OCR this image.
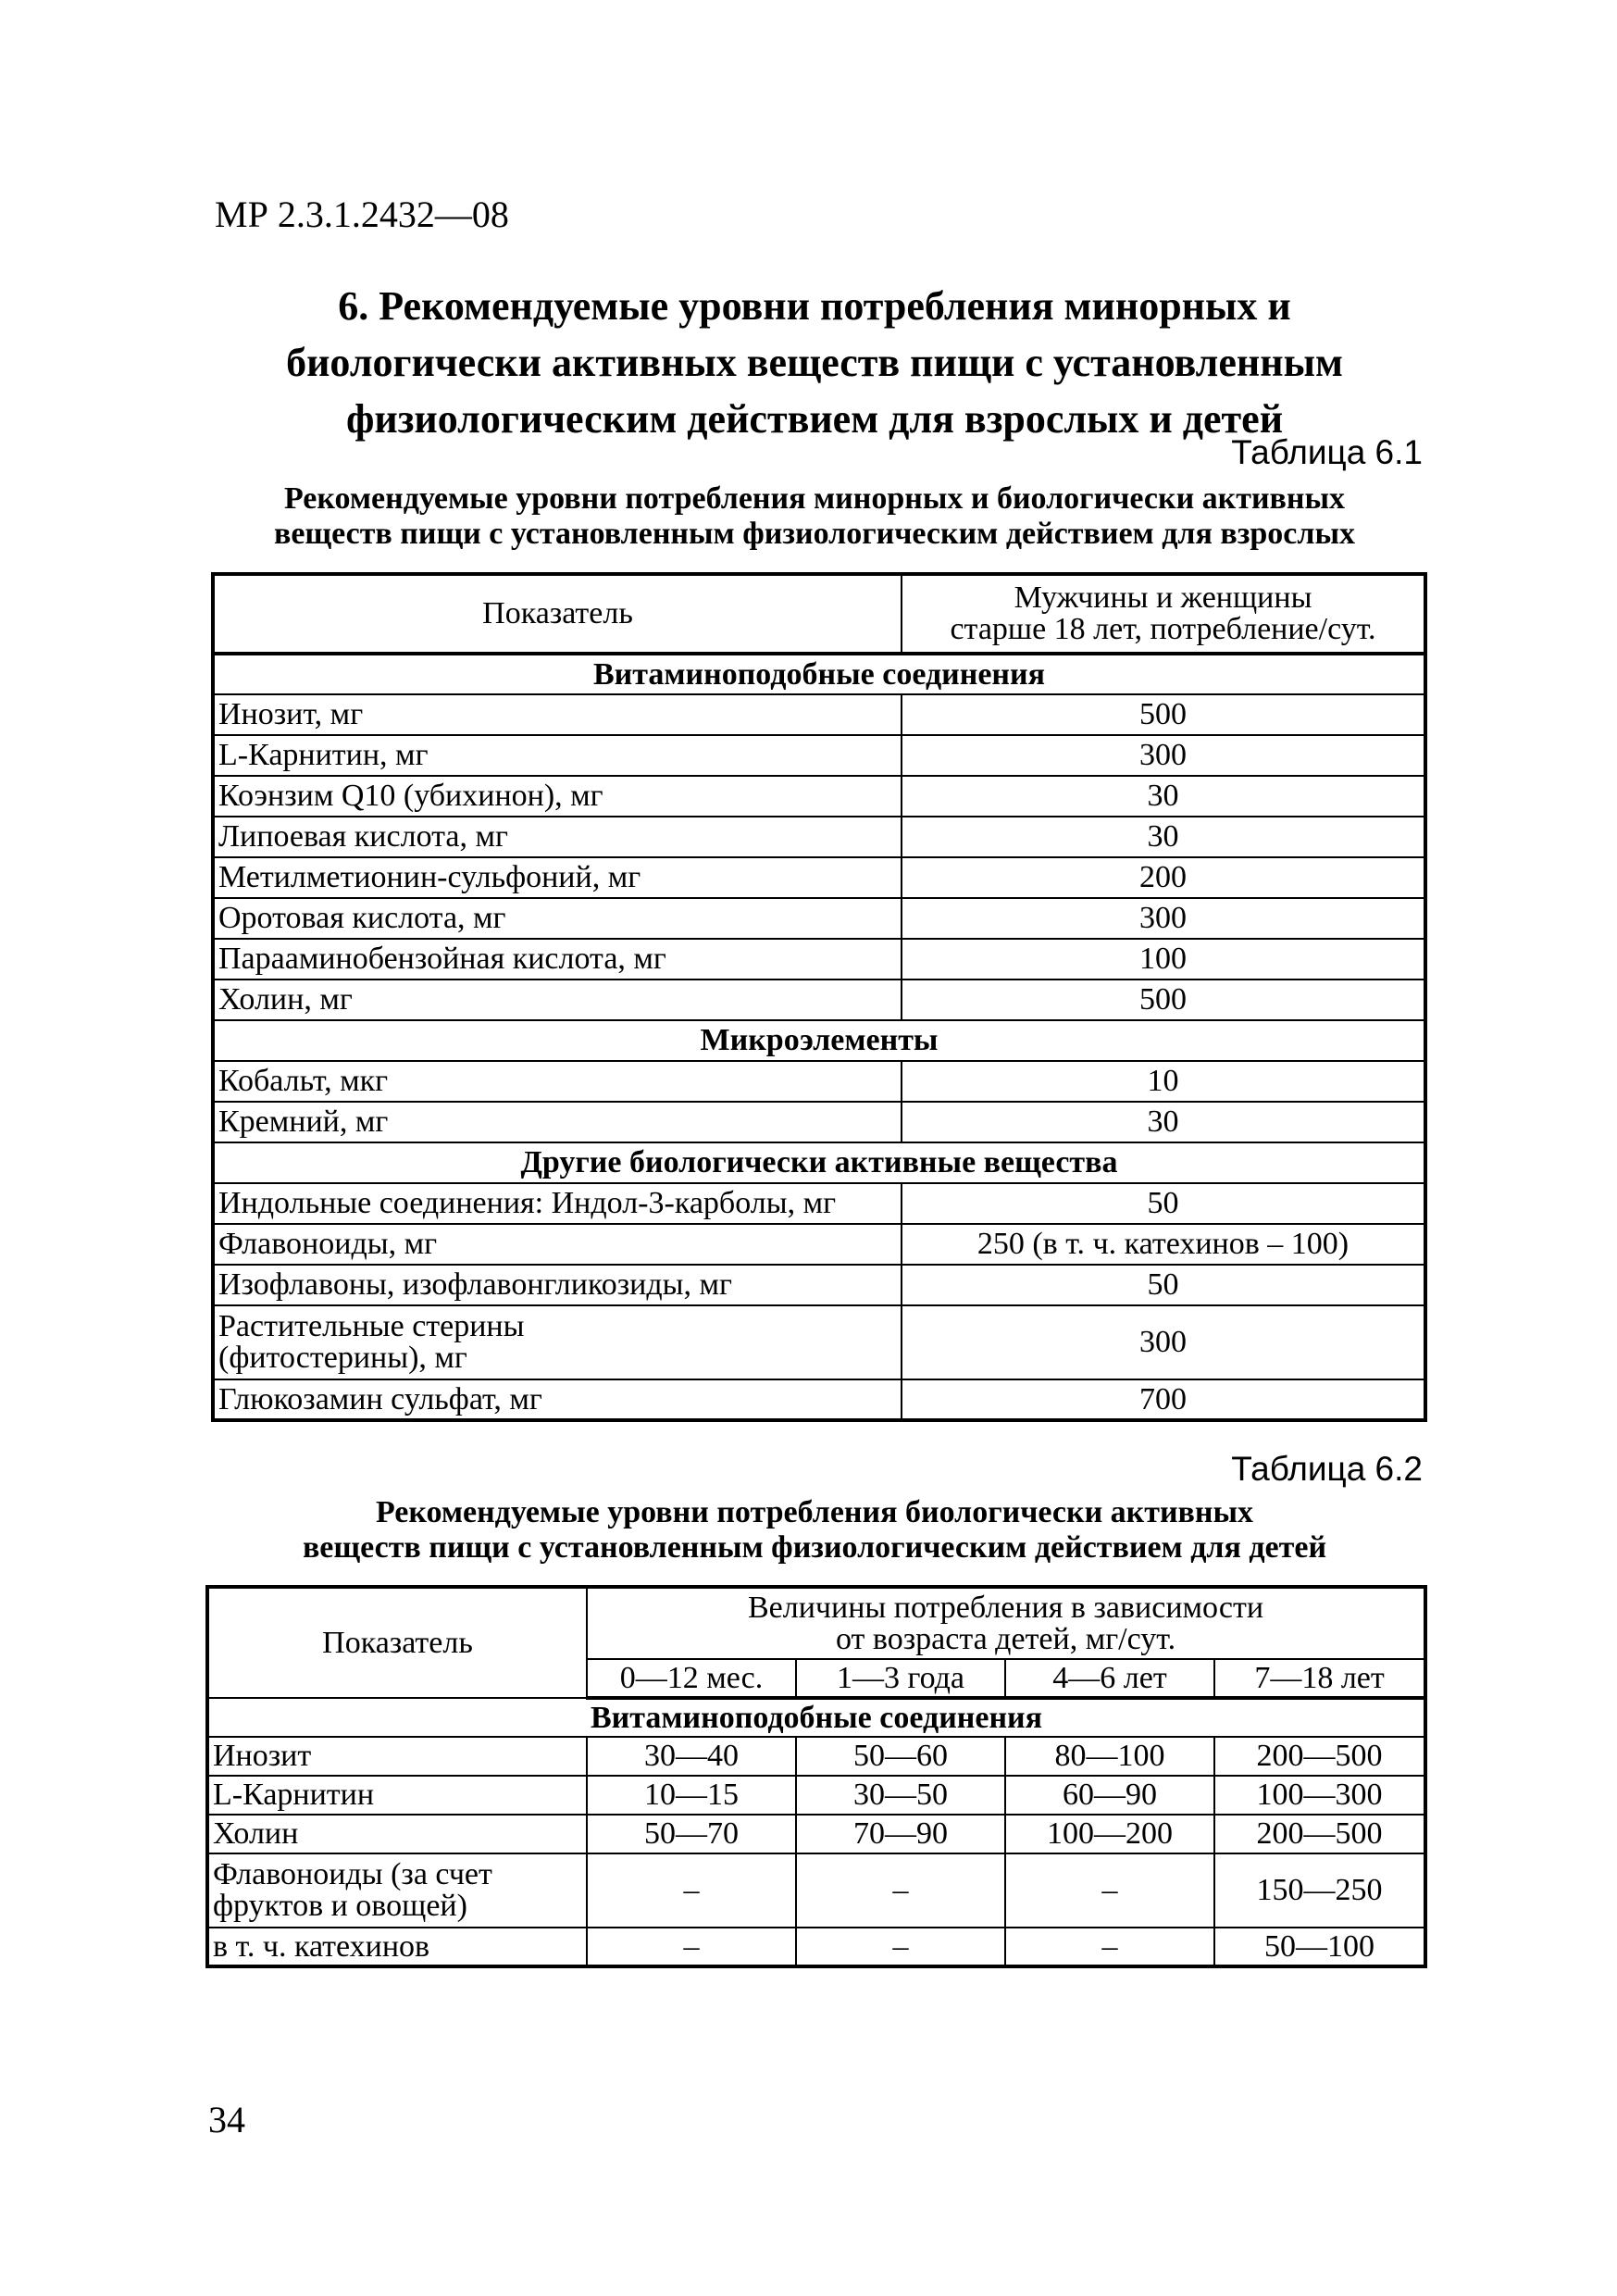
МР 2.3.1.2432—08
6. Рекомендуемые уровни потребления минорных и
биологически активных веществ пищи с установленным
физиологическим действием для взрослых и детей
Таблица 6.1
Рекомендуемые уровни потребления минорных и биологически активных
веществ пищи с установленным физиологическим действием для взрослых
Показатель	Мужчины и женщины
старше 18 лет, потребление/сут.

Витаминоподобные соединения	
Инозит, мг	500
L-Карнитин, мг	300
Коэнзим Q10 (убихинон), мг	30
Липоевая кислота, мг	30
Метилметионин-сульфоний, мг	200
Оротовая кислота, мг	300
Парааминобензойная кислота, мг	100
Холин, мг	500
Микроэлементы	
Кобальт, мкг	10
Кремний, мг	30
Другие биологически активные вещества	
Индольные соединения: Индол-3-карболы, мг	50
Флавоноиды, мг	250 (в т. ч. катехинов – 100)
Изофлавоны, изофлавонгликозиды, мг	50

Растительные стерины
(фитостерины), мг	300
Глюкозамин сульфат, мг	700
Таблица 6.2
Рекомендуемые уровни потребления биологически активных
веществ пищи с установленным физиологическим действием для детей
Показатель	Величины потребления в зависимости
от возраста детей, мг/сут.			

	0—12 мес.	1—3 года	4—6 лет	7—18 лет
Витаминоподобные соединения				
Инозит	30—40	50—60	80—100	200—500
L-Карнитин	10—15	30—50	60—90	100—300
Холин	50—70	70—90	100—200	200—500

Флавоноиды (за счет
фруктов и овощей)	–	–	–	150—250
в т. ч. катехинов	–	–	–	50—100
34
